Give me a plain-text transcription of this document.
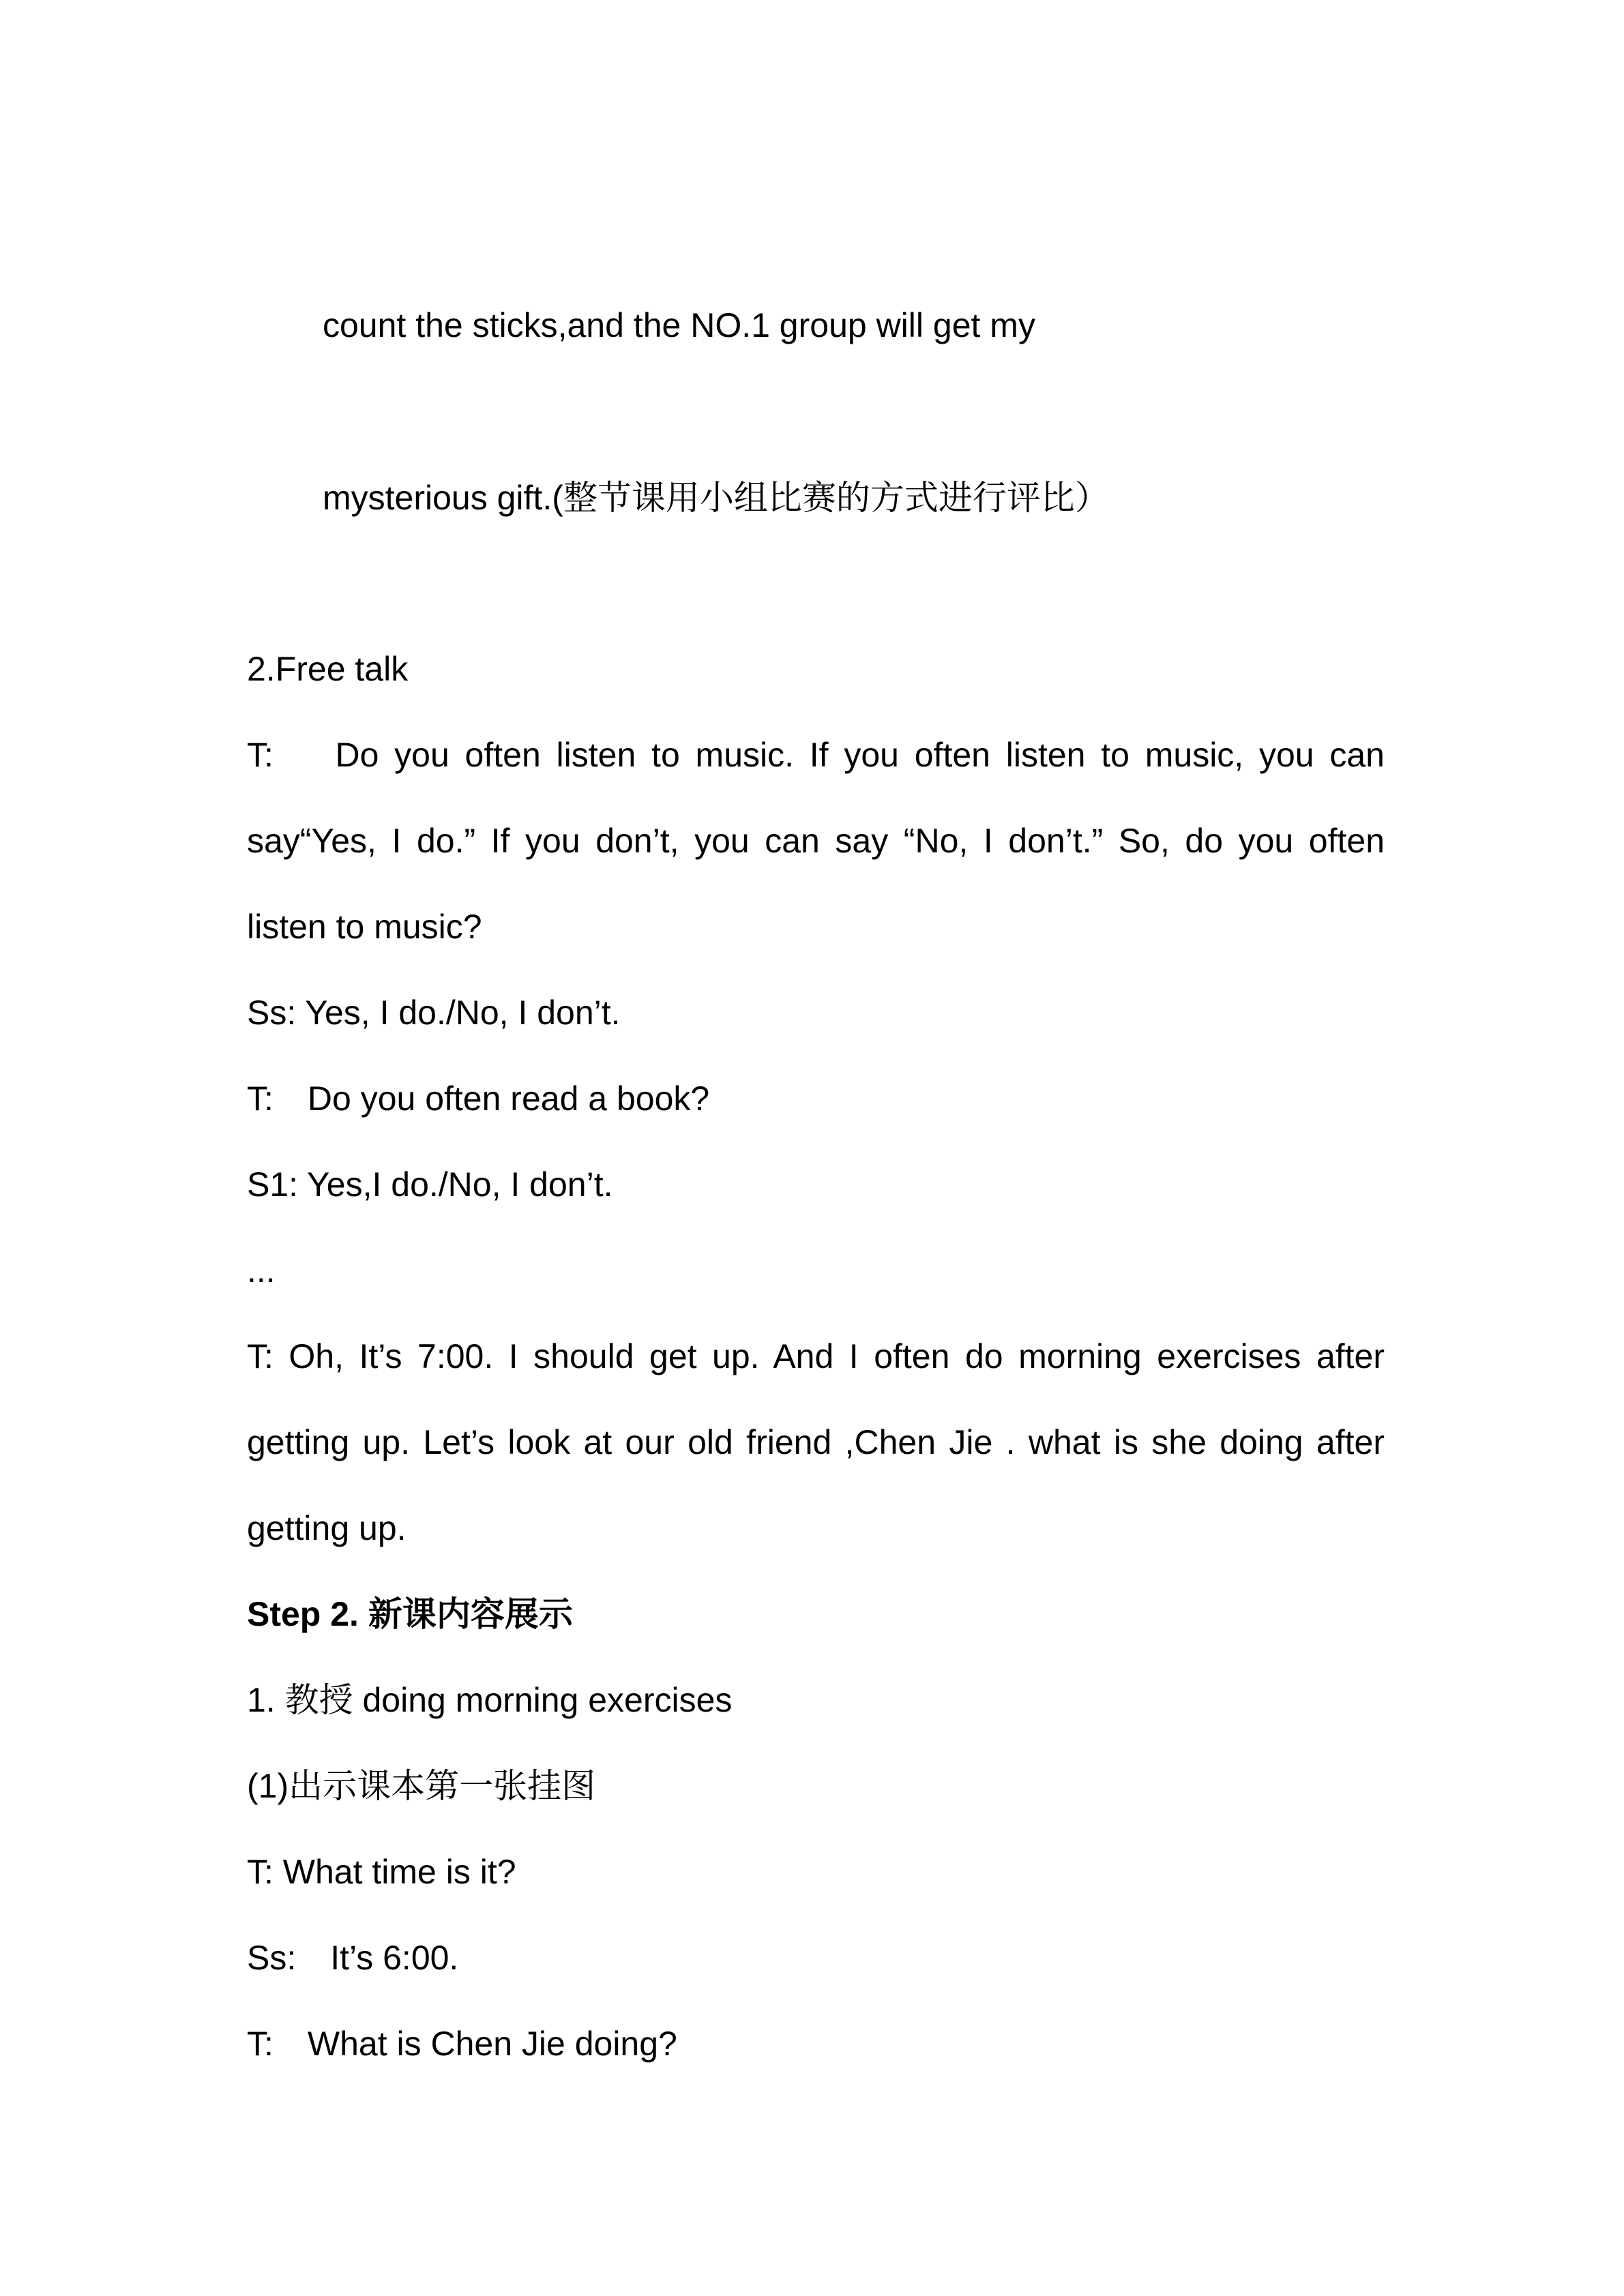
count the sticks,and the NO.1 group will get my
mysterious gift.(整节课用小组比赛的方式进行评比）
2.Free talk
T:　 Do you often listen to music. If you often listen to music, you can
say“Yes, I do.” If you don’t, you can say “No, I don’t.” So, do you often
listen to music?
Ss: Yes, I do./No, I don’t.
T:　Do you often read a book?
S1: Yes,I do./No, I don’t.
...
T: Oh, It’s 7:00. I should get up. And I often do morning exercises after
getting up. Let’s look at our old friend ,Chen Jie . what is she doing after
getting up.
Step 2. 新课内容展示
1. 教授 doing morning exercises
(1)出示课本第一张挂图
T: What time is it?
Ss:　It’s 6:00.
T:　What is Chen Jie doing?
